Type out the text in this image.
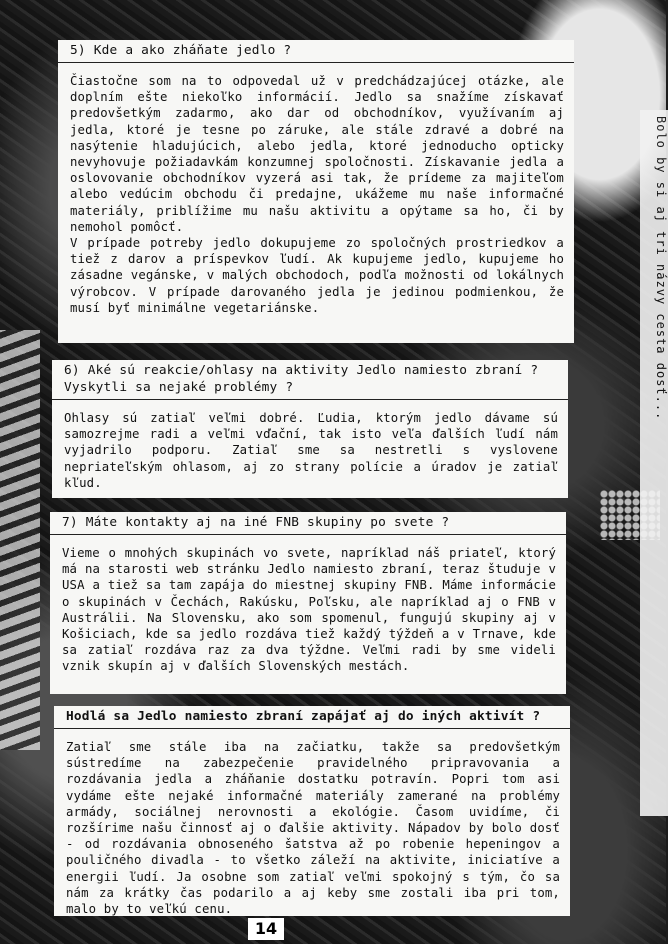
Bolo by si aj tri názvy cesta dosť...
5) Kde a ako zháňate jedlo ?

Čiastočne som na to odpovedal už v predchádzajúcej otázke, ale doplním ešte niekoľko informácií. Jedlo sa snažíme získavať predovšetkým zadarmo, ako dar od obchodníkov, využívaním aj jedla, ktoré je tesne po záruke, ale stále zdravé a dobré na nasýtenie hladujúcich, alebo jedla, ktoré jednoducho opticky nevyhovuje požiadavkám konzumnej spoločnosti. Získavanie jedla a oslovovanie obchodníkov vyzerá asi tak, že prídeme za majiteľom alebo vedúcim obchodu či predajne, ukážeme mu naše informačné materiály, priblížime mu našu aktivitu a opýtame sa ho, či by nemohol pomôcť.

V prípade potreby jedlo dokupujeme zo spoločných prostriedkov a tiež z darov a príspevkov ľudí. Ak kupujeme jedlo, kupujeme ho zásadne vegánske, v malých obchodoch, podľa možnosti od lokálnych výrobcov. V prípade darovaného jedla je jedinou podmienkou, že musí byť minimálne vegetariánske.

6) Aké sú reakcie/ohlasy na aktivity Jedlo namiesto zbraní ? Vyskytli sa nejaké problémy ?

Ohlasy sú zatiaľ veľmi dobré. Ľudia, ktorým jedlo dávame sú samozrejme radi a veľmi vďační, tak isto veľa ďalších ľudí nám vyjadrilo podporu. Zatiaľ sme sa nestretli s vyslovene nepriateľským ohlasom, aj zo strany polície a úradov je zatiaľ kľud.

7) Máte kontakty aj na iné FNB skupiny po svete ?

Vieme o mnohých skupinách vo svete, napríklad náš priateľ, ktorý má na starosti web stránku Jedlo namiesto zbraní, teraz študuje v USA a tiež sa tam zapája do miestnej skupiny FNB. Máme informácie o skupinách v Čechách, Rakúsku, Poľsku, ale napríklad aj o FNB v Austrálii. Na Slovensku, ako som spomenul, fungujú skupiny aj v Košiciach, kde sa jedlo rozdáva tiež každý týždeň a v Trnave, kde sa zatiaľ rozdáva raz za dva týždne. Veľmi radi by sme videli vznik skupín aj v ďalších Slovenských mestách.

Hodlá sa Jedlo namiesto zbraní zapájať aj do iných aktivít ?

Zatiaľ sme stále iba na začiatku, takže sa predovšetkým sústredíme na zabezpečenie pravidelného pripravovania a rozdávania jedla a zháňanie dostatku potravín. Popri tom asi vydáme ešte nejaké informačné materiály zamerané na problémy armády, sociálnej nerovnosti a ekológie. Časom uvidíme, či rozšírime našu činnosť aj o ďalšie aktivity. Nápadov by bolo dosť - od rozdávania obnoseného šatstva až po robenie hepeningov a pouličného divadla - to všetko záleží na aktivite, iniciatíve a energii ľudí. Ja osobne som zatiaľ veľmi spokojný s tým, čo sa nám za krátky čas podarilo a aj keby sme zostali iba pri tom, malo by to veľkú cenu.

14
